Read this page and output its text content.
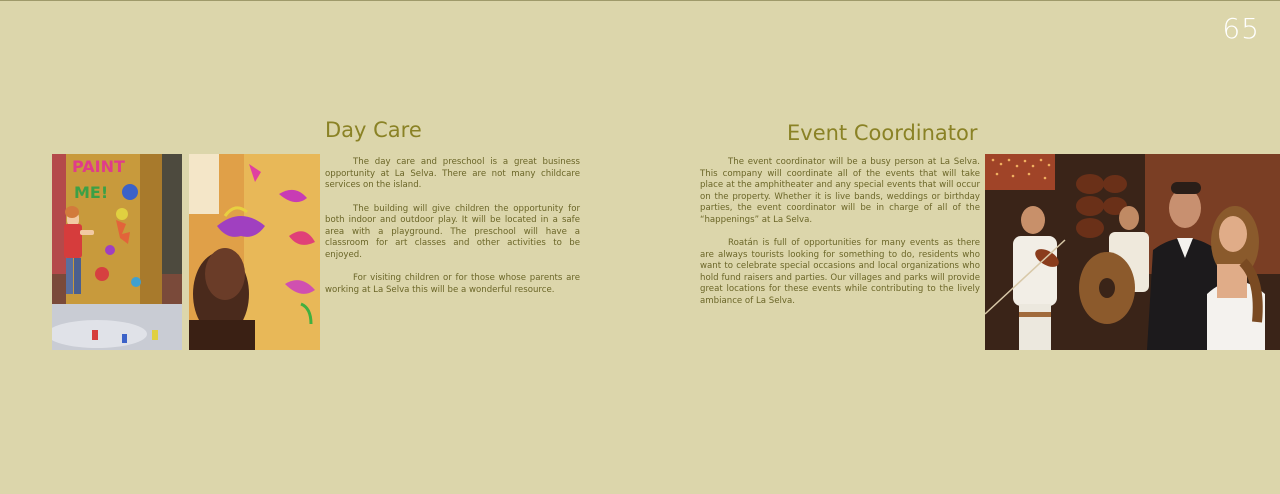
65
Day Care
PAINT
ME!

The day care and preschool is a great business opportunity at La Selva. There are not many childcare services on the island.

The building will give children the opportunity for both indoor and outdoor play. It will be located in a safe area with a playground. The preschool will have a classroom for art classes and other activities to be enjoyed.

For visiting children or for those whose parents are working at La Selva this will be a wonderful resource.

Event Coordinator

The event coordinator will be a busy person at La Selva. This company will coordinate all of the events that will take place at the amphitheater and any special events that will occur on the property. Whether it is live bands, weddings or birthday parties, the event coordinator will be in charge of all of the “happenings” at La Selva.

Roatán is full of opportunities for many events as there are always tourists looking for something to do, residents who want to celebrate special occasions and local organizations who hold fund raisers and parties. Our villages and parks will provide great locations for these events while contributing to the lively ambiance of La Selva.
